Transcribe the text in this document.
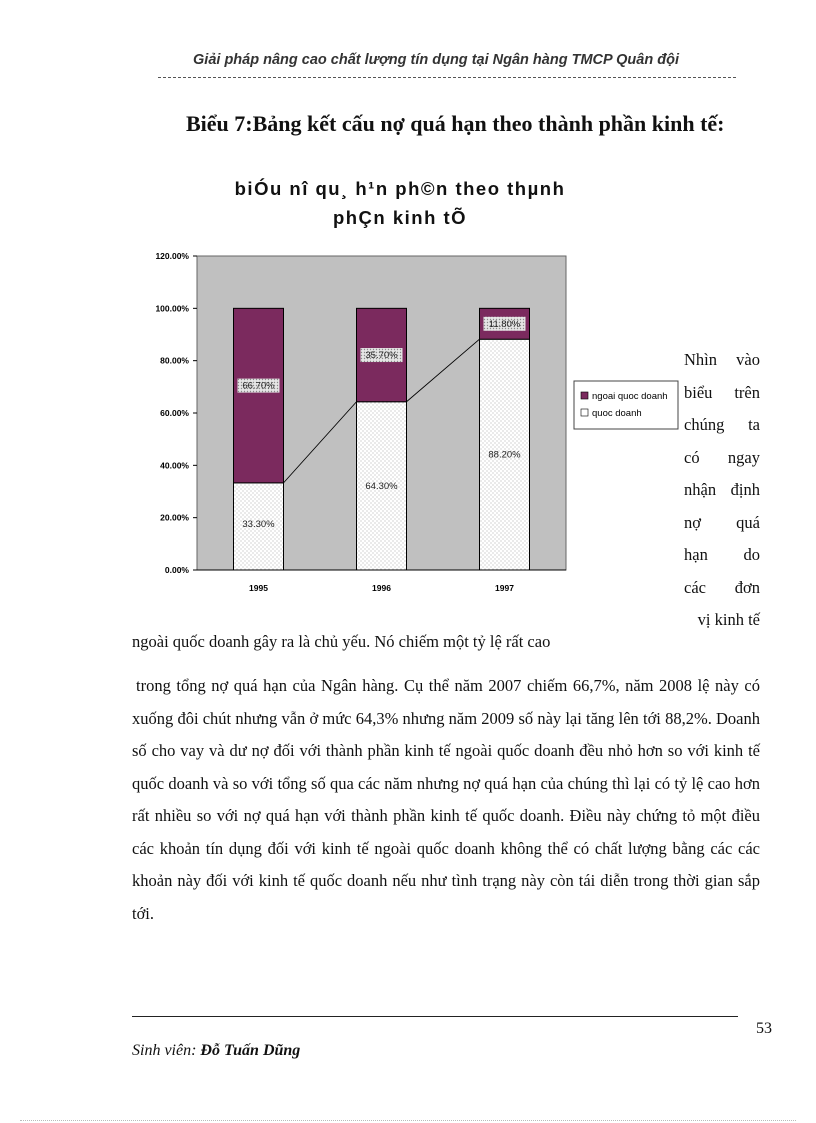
Giải pháp nâng cao chất lượng tín dụng tại Ngân hàng TMCP Quân đội
Biểu 7:Bảng kết cấu nợ quá hạn theo thành phần kinh tế:
biÓu nî qu¸ h¹n ph©n theo thµnh
phÇn kinh tÕ
0.00%
20.00%
40.00%
60.00%
80.00%
100.00%
120.00%
1995
33.30%
66.70%
1996
64.30%
35.70%
1997
88.20%
11.80%
ngoai quoc doanh
quoc doanh
Nhìn vào
biểu trên
chúng ta
có ngay
nhận định
nợ quá
hạn do
các đơn
vị kinh tế
ngoài quốc doanh gây ra là chủ yếu. Nó chiếm một tỷ lệ rất cao
trong tổng nợ quá hạn của Ngân hàng. Cụ thể năm 2007 chiếm 66,7%, năm 2008 lệ này có xuống đôi chút nhưng vẫn ở mức 64,3% nhưng năm 2009 số này lại tăng lên tới 88,2%. Doanh số cho vay và dư nợ đối với thành phần kinh tế ngoài quốc doanh đều nhỏ hơn so với kinh tế quốc doanh và so với tổng số qua các năm nhưng nợ quá hạn của chúng thì lại có tỷ lệ cao hơn rất nhiều so với nợ quá hạn với thành phần kinh tế quốc doanh. Điều này chứng tỏ một điều các khoản tín dụng đối với kinh tế ngoài quốc doanh không thể có chất lượng bằng các các khoản này đối với kinh tế quốc doanh nếu như tình trạng này còn tái diễn trong thời gian sắp tới.
53
Sinh viên: Đỗ Tuấn Dũng
